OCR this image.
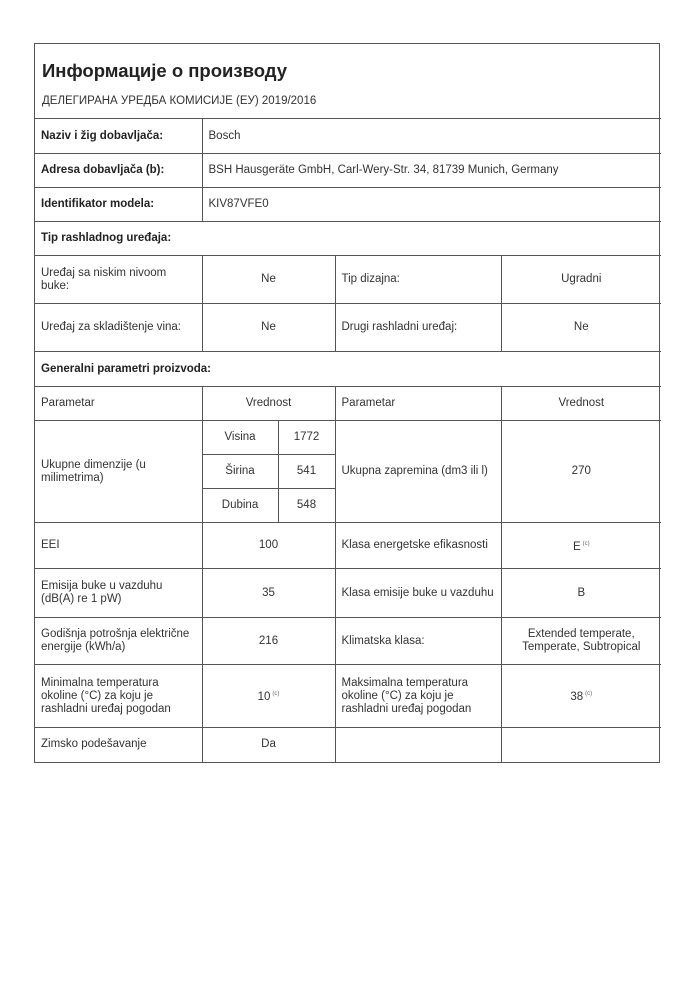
Информације о производу
ДЕЛЕГИРАНА УРЕДБА КОМИСИЈЕ (ЕУ) 2019/2016				

Naziv i žig dobavljača:	Bosch			
Adresa dobavljača (b):	BSH Hausgeräte GmbH, Carl-Wery-Str. 34, 81739 Munich, Germany			
Identifikator modela:	KIV87VFE0			
Tip rashladnog uređaja:				
Uređaj sa niskim nivoom buke:	Ne		Tip dizajna:	Ugradni
Uređaj za skladištenje vina:	Ne		Drugi rashladni uređaj:	Ne
Generalni parametri proizvoda:				
Parametar	Vrednost		Parametar	Vrednost
Ukupne dimenzije (u milimetrima)	Visina	1772	Ukupna zapremina (dm3 ili l)	270
	Širina	541		
	Dubina	548		
EEI	100		Klasa energetske efikasnosti	E $^{(c)}$
Emisija buke u vazduhu (dB(A) re 1 pW)	35		Klasa emisije buke u vazduhu	B
Godišnja potrošnja električne energije (kWh/a)	216		Klimatska klasa:	Extended temperate, Temperate, Subtropical
Minimalna temperatura okoline (°C) za koju je rashladni uređaj pogodan	10 $^{(c)}$		Maksimalna temperatura okoline (°C) za koju je rashladni uređaj pogodan	38 $^{(c)}$
Zimsko podešavanje	Da			
